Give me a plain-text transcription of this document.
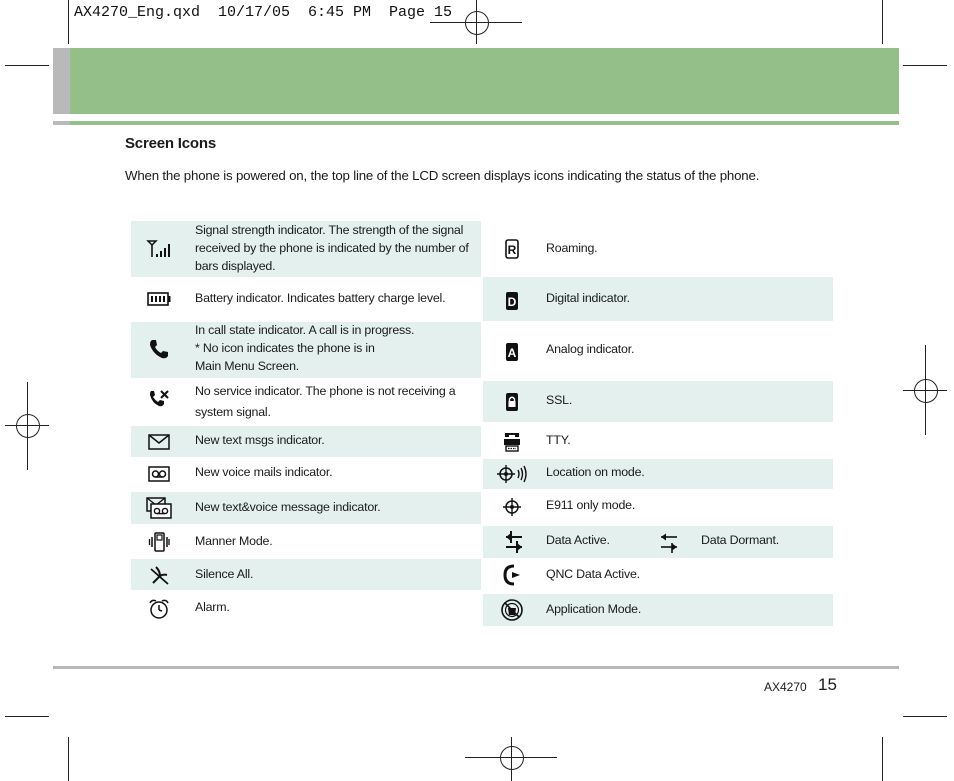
AX4270_Eng.qxd  10/17/05  6:45 PM  Page 15
Screen Icons
When the phone is powered on, the top line of the LCD screen displays icons indicating the status of the phone.
Signal strength indicator. The strength of the signal
received by the phone is indicated by the number of
bars displayed.
Battery indicator. Indicates battery charge level.
In call state indicator. A call is in progress.
* No icon indicates the phone is in
Main Menu Screen.
No service indicator. The phone is not receiving a
system signal.
New text msgs indicator.
New voice mails indicator.
New text&voice message indicator.
Manner Mode.
Silence All.
Alarm.
R Roaming.
D Digital indicator.
A Analog indicator.
SSL.
TTY.
Location on mode.
E911 only mode.
Data Active.	Data Dormant.
QNC Data Active.
Application Mode.
AX4270 15
